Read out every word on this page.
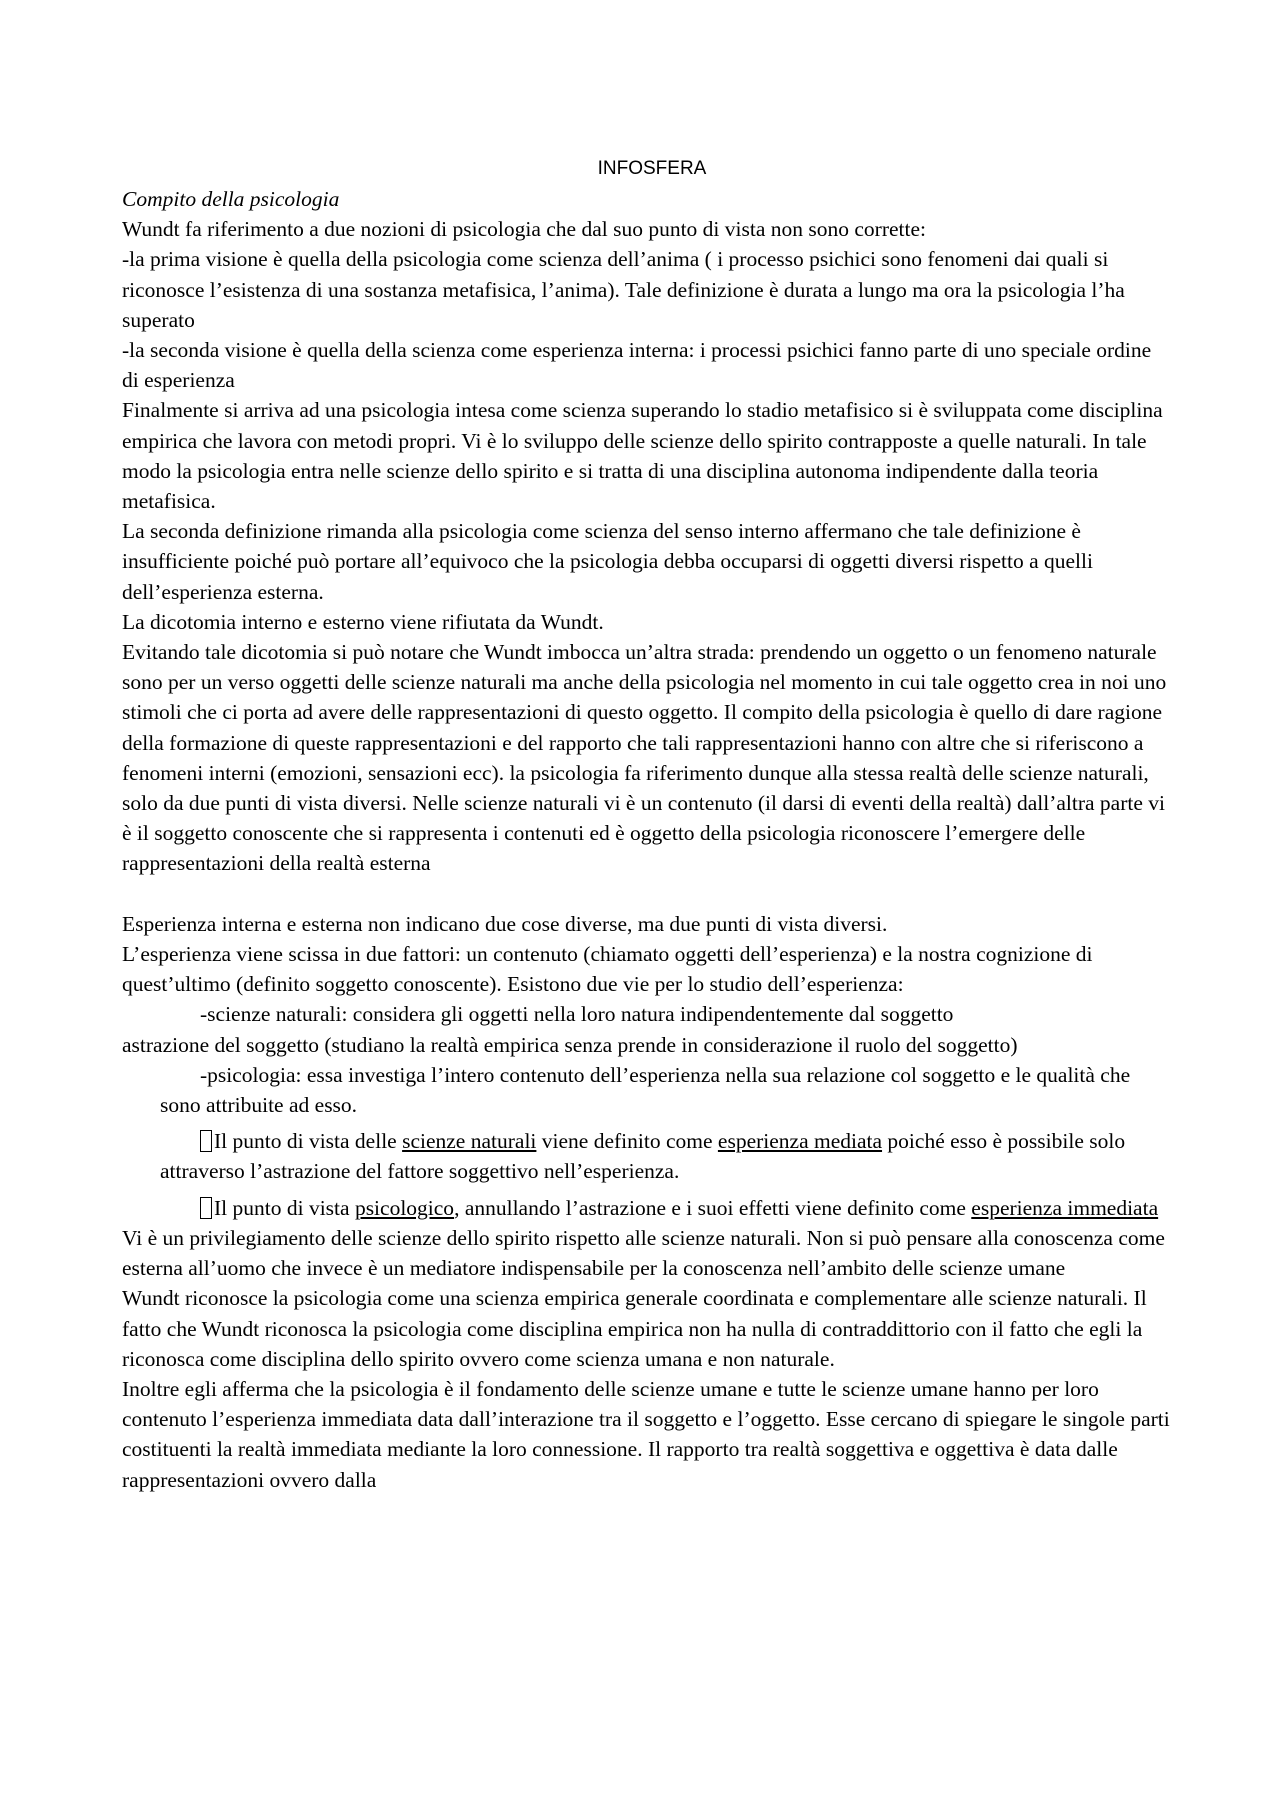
INFOSFERA

Compito della psicologia

Wundt fa riferimento a due nozioni di psicologia che dal suo punto di vista non sono corrette:

-la prima visione è quella della psicologia come scienza dell’anima ( i processo psichici sono fenomeni dai quali si riconosce l’esistenza di una sostanza metafisica, l’anima). Tale definizione è durata a lungo ma ora la psicologia l’ha superato

-la seconda visione è quella della scienza come esperienza interna: i processi psichici fanno parte di uno speciale ordine di esperienza

Finalmente si arriva ad una psicologia intesa come scienza superando lo stadio metafisico si è sviluppata come disciplina empirica che lavora con metodi propri. Vi è lo sviluppo delle scienze dello spirito contrapposte a quelle naturali. In tale modo la psicologia entra nelle scienze dello spirito e si tratta di una disciplina autonoma indipendente dalla teoria metafisica.

La seconda definizione rimanda alla psicologia come scienza del senso interno affermano che tale definizione è insufficiente poiché può portare all’equivoco che la psicologia debba occuparsi di oggetti diversi rispetto a quelli dell’esperienza esterna.

La dicotomia interno e esterno viene rifiutata da Wundt.

Evitando tale dicotomia si può notare che Wundt imbocca un’altra strada: prendendo un oggetto o un fenomeno naturale sono per un verso oggetti delle scienze naturali ma anche della psicologia nel momento in cui tale oggetto crea in noi uno stimoli che ci porta ad avere delle rappresentazioni di questo oggetto. Il compito della psicologia è quello di dare ragione della formazione di queste rappresentazioni e del rapporto che tali rappresentazioni hanno con altre che si riferiscono a fenomeni interni (emozioni, sensazioni ecc). la psicologia fa riferimento dunque alla stessa realtà delle scienze naturali, solo da due punti di vista diversi. Nelle scienze naturali vi è un contenuto (il darsi di eventi della realtà) dall’altra parte vi è il soggetto conoscente che si rappresenta i contenuti ed è oggetto della psicologia riconoscere l’emergere delle rappresentazioni della realtà esterna

Esperienza interna e esterna non indicano due cose diverse, ma due punti di vista diversi.

L’esperienza viene scissa in due fattori: un contenuto (chiamato oggetti dell’esperienza) e la nostra cognizione di quest’ultimo (definito soggetto conoscente). Esistono due vie per lo studio dell’esperienza:

-scienze naturali: considera gli oggetti nella loro natura indipendentemente dal soggetto

astrazione del soggetto (studiano la realtà empirica senza prende in considerazione il ruolo del soggetto)

-psicologia: essa investiga l’intero contenuto dell’esperienza nella sua relazione col soggetto e le qualità che sono attribuite ad esso.

Il punto di vista delle scienze naturali viene definito come esperienza mediata poiché esso è possibile solo attraverso l’astrazione del fattore soggettivo nell’esperienza.

Il punto di vista psicologico, annullando l’astrazione e i suoi effetti viene definito come esperienza immediata

Vi è un privilegiamento delle scienze dello spirito rispetto alle scienze naturali. Non si può pensare alla conoscenza come esterna all’uomo che invece è un mediatore indispensabile per la conoscenza nell’ambito delle scienze umane

Wundt riconosce la psicologia come una scienza empirica generale coordinata e complementare alle scienze naturali. Il fatto che Wundt riconosca la psicologia come disciplina empirica non ha nulla di contraddittorio con il fatto che egli la riconosca come disciplina dello spirito ovvero come scienza umana e non naturale.

Inoltre egli afferma che la psicologia è il fondamento delle scienze umane e tutte le scienze umane hanno per loro contenuto l’esperienza immediata data dall’interazione tra il soggetto e l’oggetto. Esse cercano di spiegare le singole parti costituenti la realtà immediata mediante la loro connessione. Il rapporto tra realtà soggettiva e oggettiva è data dalle rappresentazioni ovvero dalla
